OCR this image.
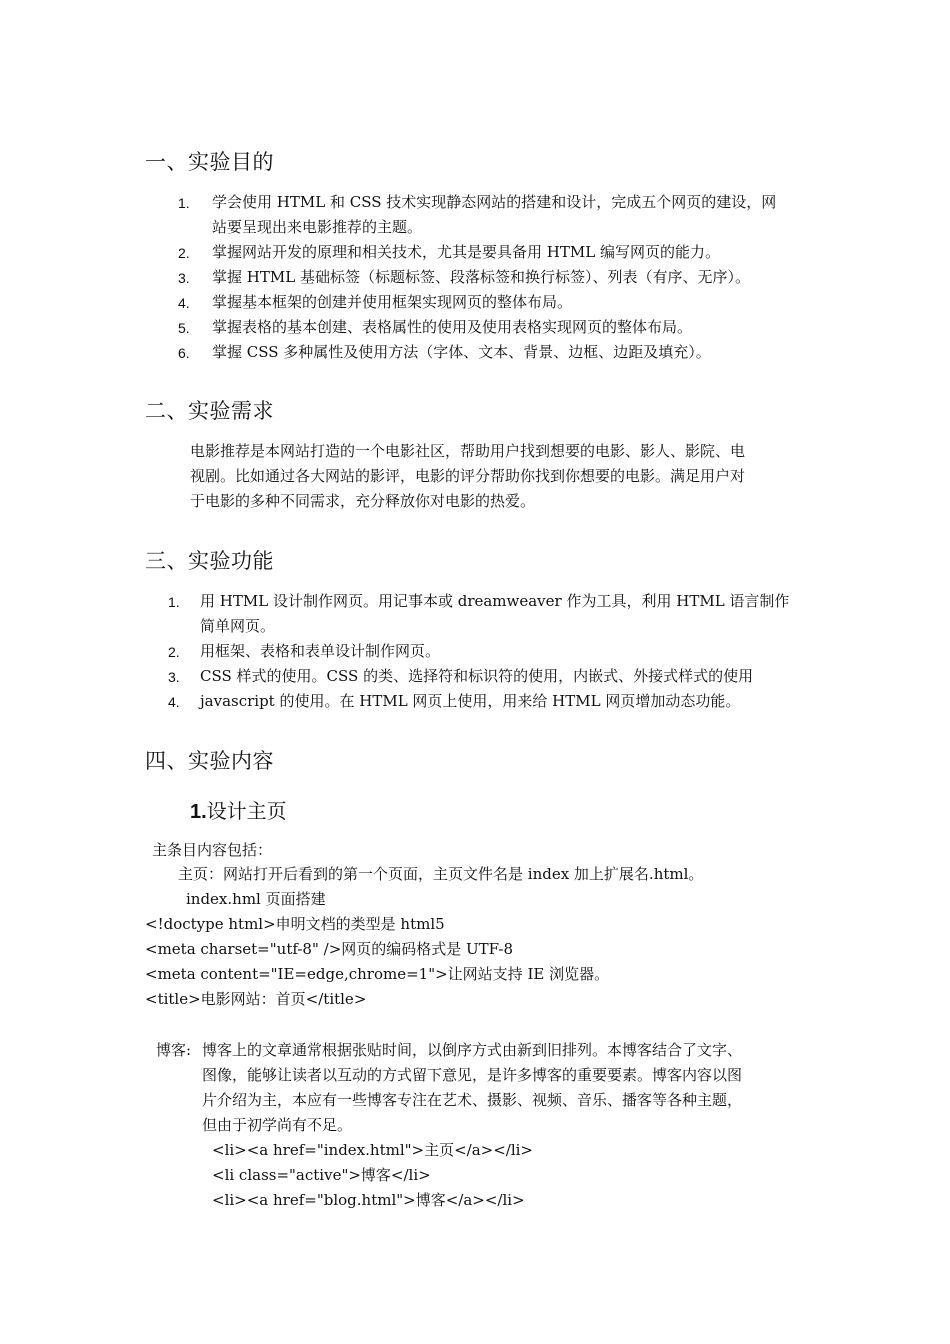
一、实验目的
1. 学会使用 HTML 和 CSS 技术实现静态网站的搭建和设计，完成五个网页的建设，网
站要呈现出来电影推荐的主题。
2. 掌握网站开发的原理和相关技术，尤其是要具备用 HTML 编写网页的能力。
3. 掌握 HTML 基础标签（标题标签、段落标签和换行标签）、列表（有序、无序）。
4. 掌握基本框架的创建并使用框架实现网页的整体布局。
5. 掌握表格的基本创建、表格属性的使用及使用表格实现网页的整体布局。
6. 掌握 CSS 多种属性及使用方法（字体、文本、背景、边框、边距及填充）。
二、实验需求
电影推荐是本网站打造的一个电影社区，帮助用户找到想要的电影、影人、影院、电
视剧。比如通过各大网站的影评，电影的评分帮助你找到你想要的电影。满足用户对
于电影的多种不同需求，充分释放你对电影的热爱。
三、实验功能
1. 用 HTML 设计制作网页。用记事本或 dreamweaver 作为工具，利用 HTML 语言制作
简单网页。
2. 用框架、表格和表单设计制作网页。
3. CSS 样式的使用。CSS 的类、选择符和标识符的使用，内嵌式、外接式样式的使用
4. javascript 的使用。在 HTML 网页上使用，用来给 HTML 网页增加动态功能。
四、实验内容
1.设计主页
主条目内容包括：
主页：网站打开后看到的第一个页面，主页文件名是 index 加上扩展名.html。
index.hml 页面搭建
<!doctype html>申明文档的类型是 html5
<meta charset="utf-8" />网页的编码格式是 UTF-8
<meta content="IE=edge,chrome=1">让网站支持 IE 浏览器。
<title>电影网站：首页</title>
博客: 博客上的文章通常根据张贴时间，以倒序方式由新到旧排列。本博客结合了文字、
图像，能够让读者以互动的方式留下意见，是许多博客的重要要素。博客内容以图
片介绍为主，本应有一些博客专注在艺术、摄影、视频、音乐、播客等各种主题，
但由于初学尚有不足。
<li><a href="index.html">主页</a></li>
<li class="active">博客</li>
<li><a href="blog.html">博客</a></li>
